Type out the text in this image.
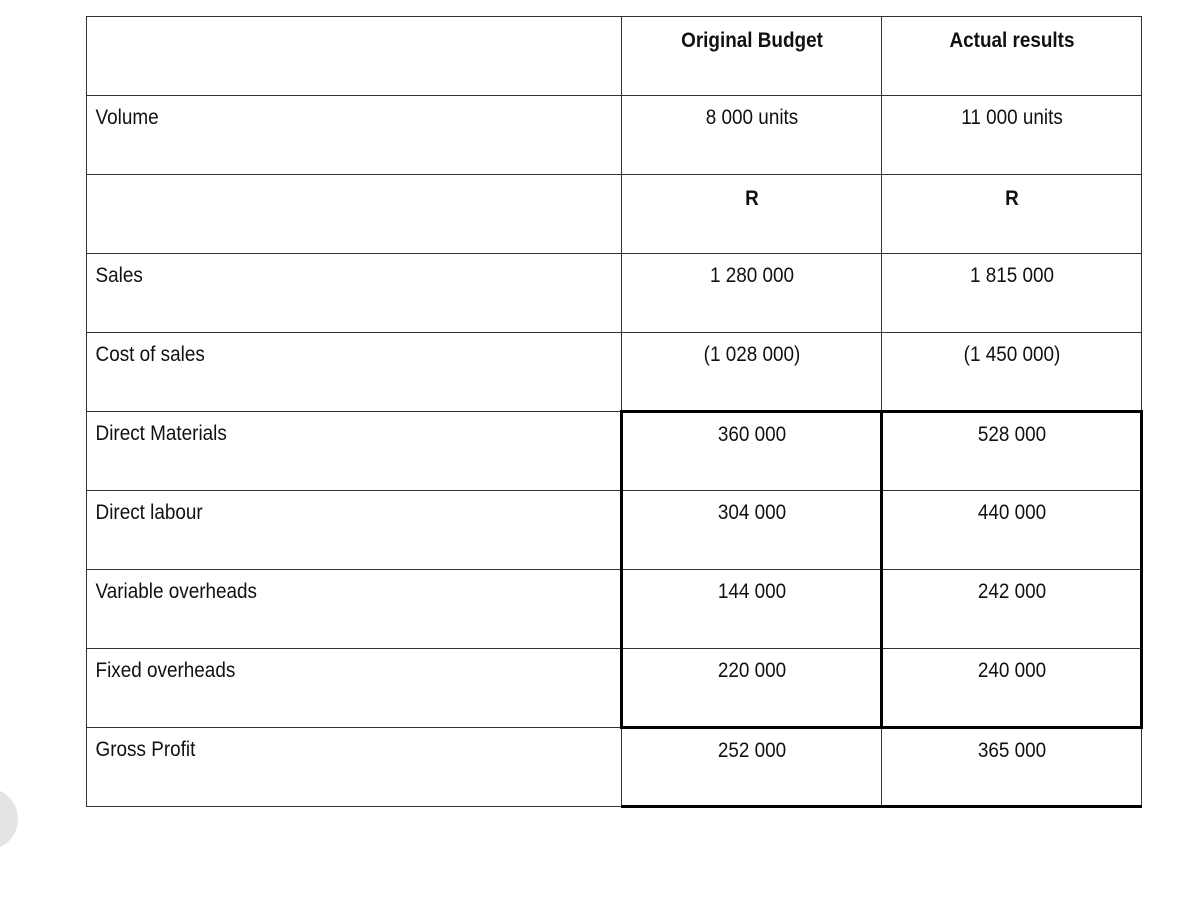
	Original Budget	Actual results
Volume	8 000 units	11 000 units
	R	R
Sales	1 280 000	1 815 000
Cost of sales	(1 028 000)	(1 450 000)
Direct Materials	360 000	528 000
Direct labour	304 000	440 000
Variable overheads	144 000	242 000
Fixed overheads	220 000	240 000
Gross Profit	252 000	365 000
